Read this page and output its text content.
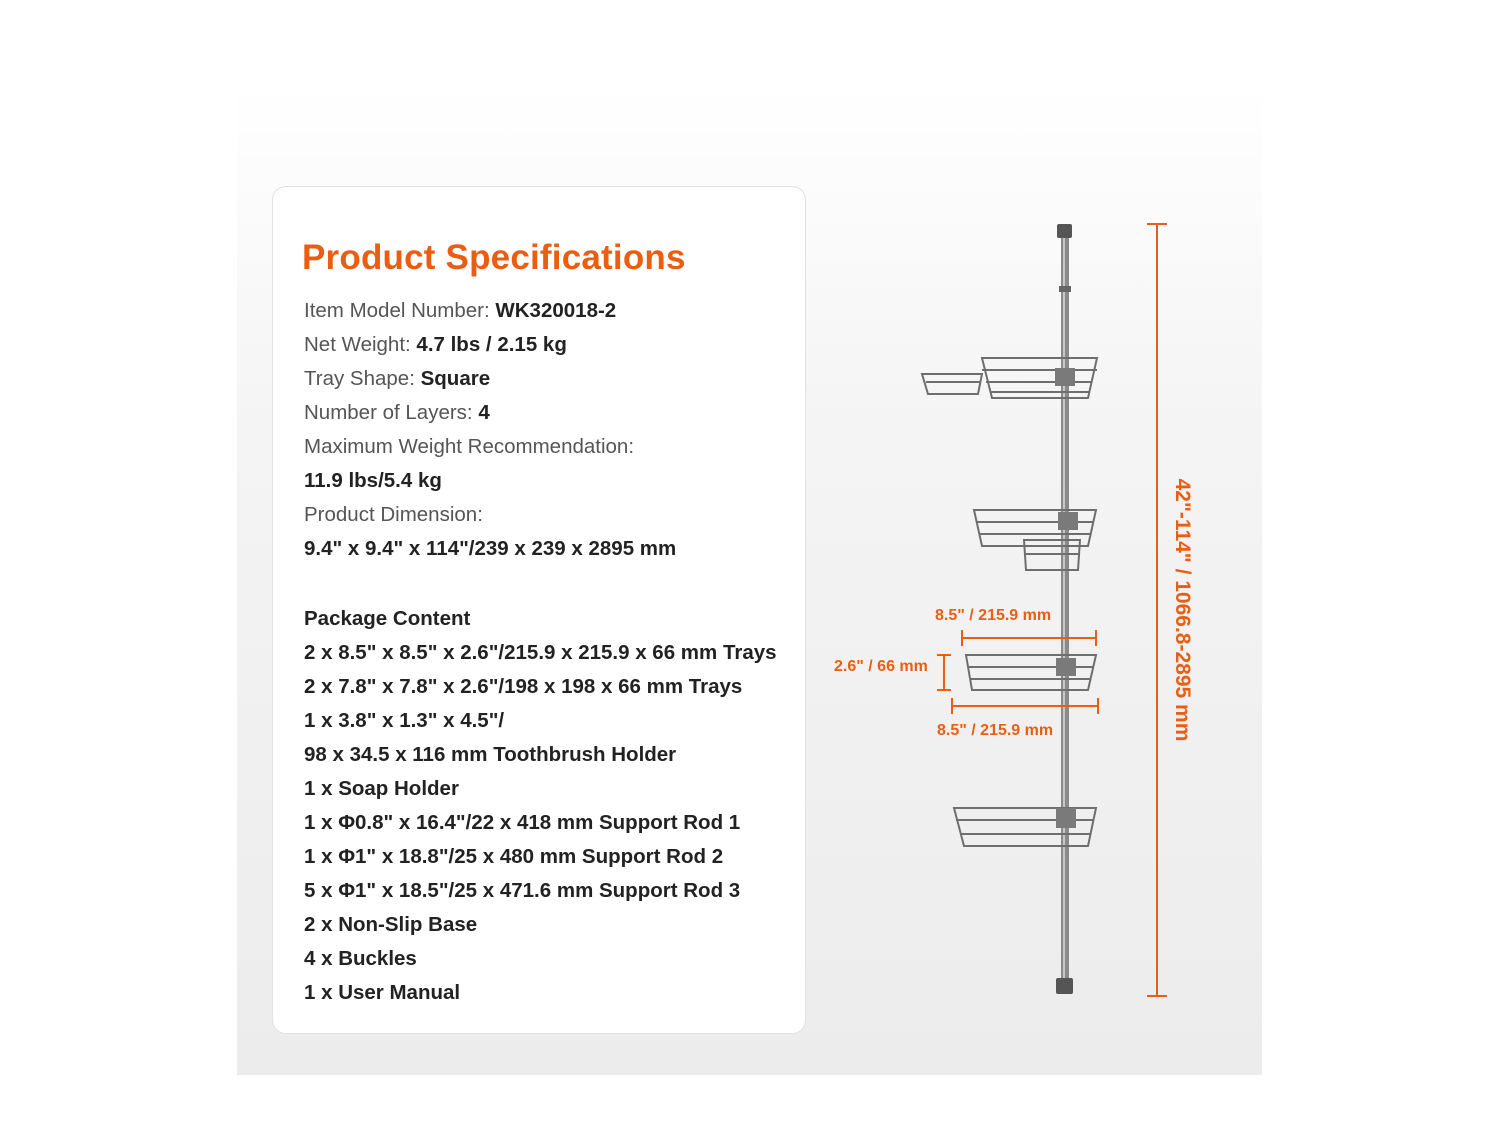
Product Specifications
Item Model Number: WK320018-2
Net Weight: 4.7 lbs / 2.15 kg
Tray Shape: Square
Number of Layers: 4
Maximum Weight Recommendation:
11.9 lbs/5.4 kg
Product Dimension:
9.4" x 9.4" x 114"/239 x 239 x 2895 mm
Package Content
2 x 8.5" x 8.5" x 2.6"/215.9 x 215.9 x 66 mm Trays
2 x 7.8" x 7.8" x 2.6"/198 x 198 x 66 mm Trays
1 x 3.8" x 1.3" x 4.5"/
98 x 34.5 x 116 mm Toothbrush Holder
1 x Soap Holder
1 x Φ0.8" x 16.4"/22 x 418 mm Support Rod 1
1 x Φ1" x 18.8"/25 x 480 mm Support Rod 2
5 x Φ1" x 18.5"/25 x 471.6 mm Support Rod 3
2 x Non-Slip Base
4 x Buckles
1 x User Manual
8.5" / 215.9 mm
2.6" / 66 mm
8.5" / 215.9 mm	42"-114" / 1066.8-2895 mm
